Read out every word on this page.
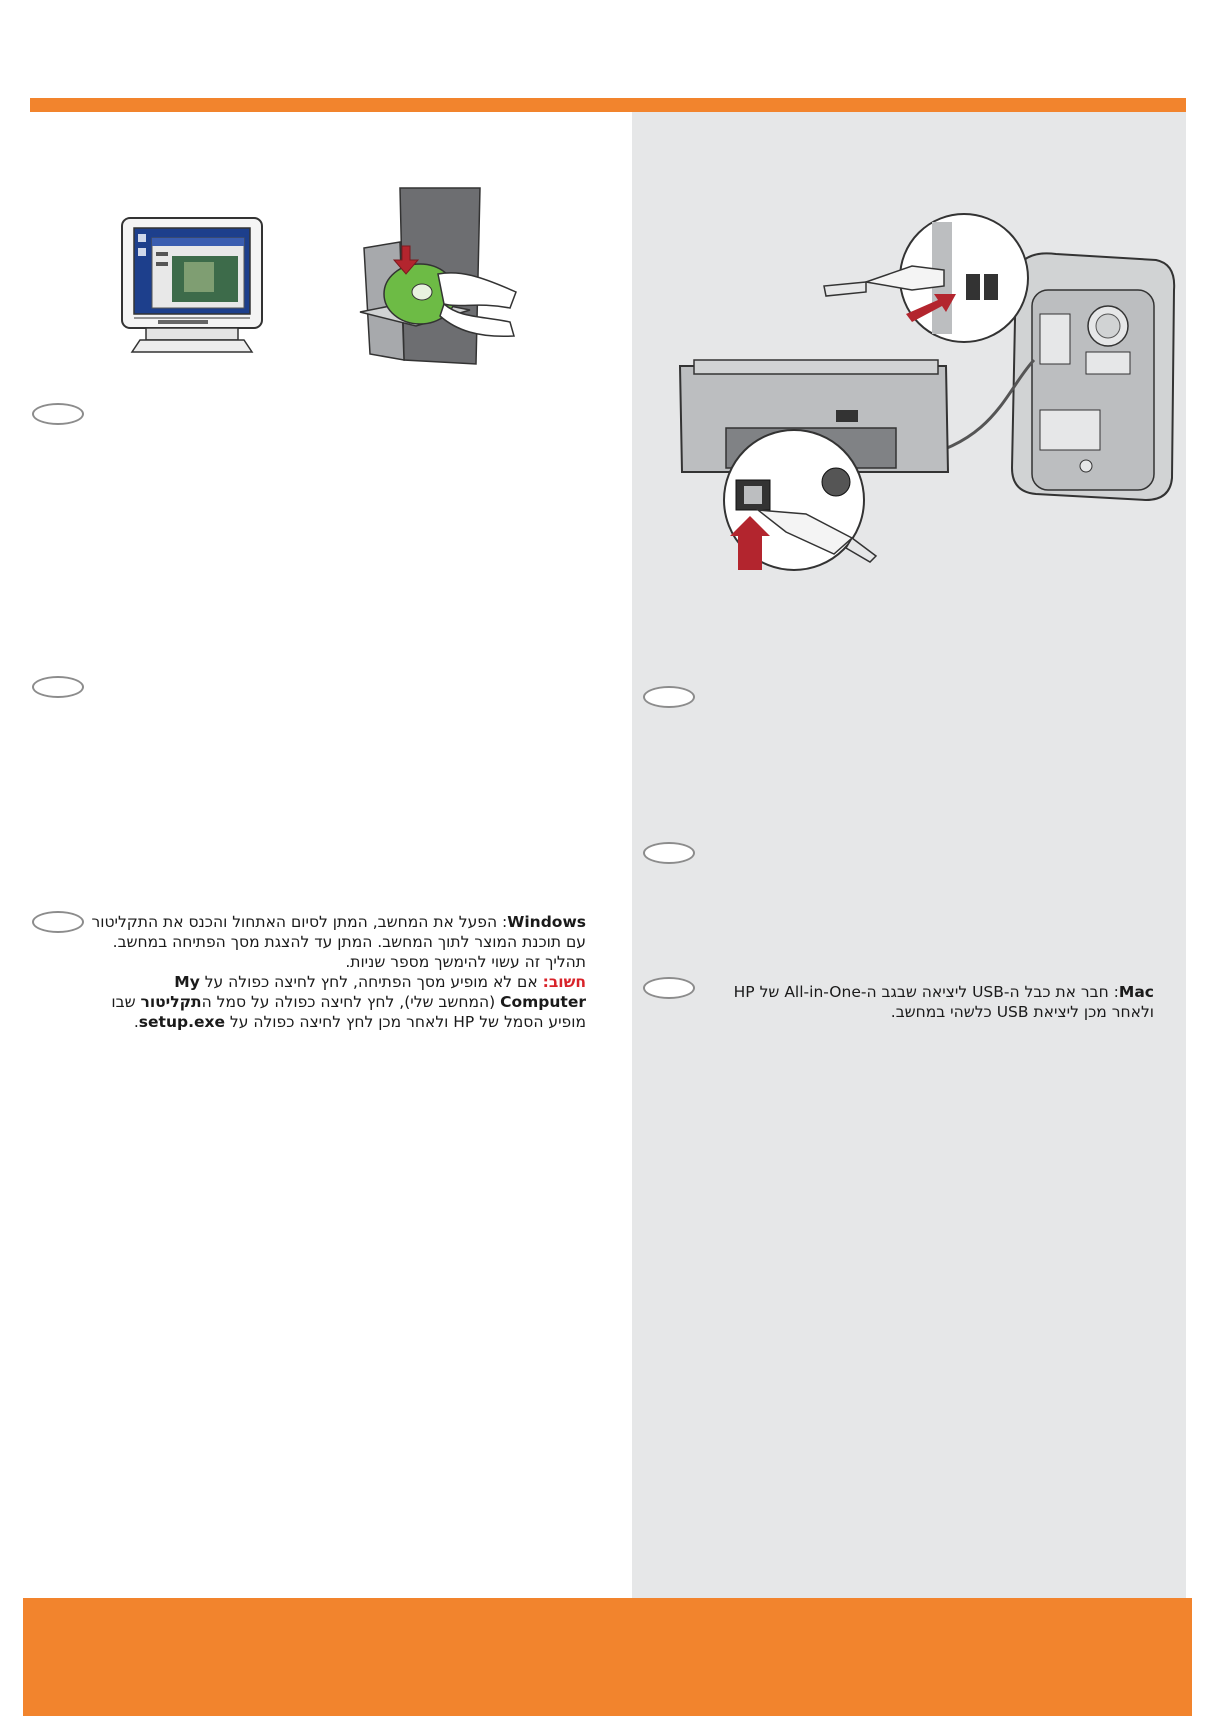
Windows: הפעל את המחשב, המתן לסיום האתחול והכנס את התקליטור

עם תוכנת המוצר לתוך המחשב. המתן עד להצגת מסך הפתיחה במחשב.

תהליך זה עשוי להימשך מספר שניות.

חשוב: אם לא מופיע מסך הפתיחה, לחץ לחיצה כפולה על My

Computer (המחשב שלי), לחץ לחיצה כפולה על סמל התקליטור שבו

מופיע הסמל של HP ולאחר מכן לחץ לחיצה כפולה על setup.exe.

Mac: חבר את כבל ה-USB ליציאה שבגב ה-All-in-One של HP

ולאחר מכן ליציאת USB כלשהי במחשב.
